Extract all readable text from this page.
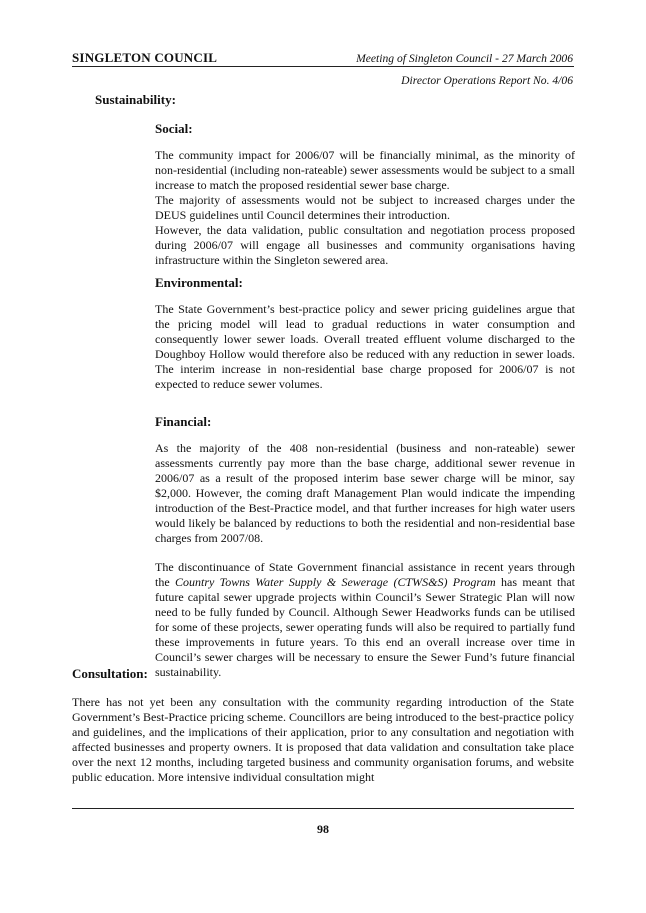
SINGLETON COUNCIL	Meeting of Singleton Council - 27 March 2006
Director Operations Report No. 4/06
Sustainability:
Social:

The community impact for 2006/07 will be financially minimal, as the minority of non-residential (including non-rateable) sewer assessments would be subject to a small increase to match the proposed residential sewer base charge.

The majority of assessments would not be subject to increased charges under the DEUS guidelines until Council determines their introduction.

However, the data validation, public consultation and negotiation process proposed during 2006/07 will engage all businesses and community organisations having infrastructure within the Singleton sewered area.

Environmental:

The State Government’s best-practice policy and sewer pricing guidelines argue that the pricing model will lead to gradual reductions in water consumption and consequently lower sewer loads. Overall treated effluent volume discharged to the Doughboy Hollow would therefore also be reduced with any reduction in sewer loads. The interim increase in non-residential base charge proposed for 2006/07 is not expected to reduce sewer volumes.

Financial:

As the majority of the 408 non-residential (business and non-rateable) sewer assessments currently pay more than the base charge, additional sewer revenue in 2006/07 as a result of the proposed interim base sewer charge will be minor, say $2,000. However, the coming draft Management Plan would indicate the impending introduction of the Best-Practice model, and that further increases for high water users would likely be balanced by reductions to both the residential and non-residential base charges from 2007/08.

The discontinuance of State Government financial assistance in recent years through the Country Towns Water Supply & Sewerage (CTWS&S) Program has meant that future capital sewer upgrade projects within Council’s Sewer Strategic Plan will now need to be fully funded by Council. Although Sewer Headworks funds can be utilised for some of these projects, sewer operating funds will also be required to partially fund these improvements in future years. To this end an overall increase over time in Council’s sewer charges will be necessary to ensure the Sewer Fund’s future financial sustainability.

Consultation:

There has not yet been any consultation with the community regarding introduction of the State Government’s Best-Practice pricing scheme. Councillors are being introduced to the best-practice policy and guidelines, and the implications of their application, prior to any consultation and negotiation with affected businesses and property owners. It is proposed that data validation and consultation take place over the next 12 months, including targeted business and community organisation forums, and website public education. More intensive individual consultation might

98
